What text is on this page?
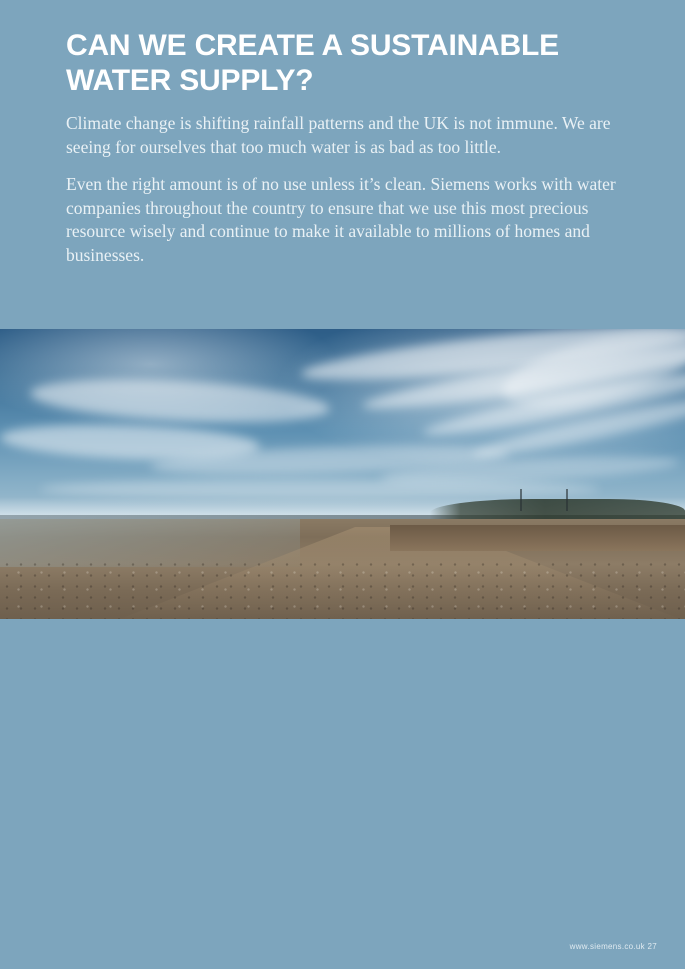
CAN WE CREATE A SUSTAINABLE WATER SUPPLY?

Climate change is shifting rainfall patterns and the UK is not immune. We are seeing for ourselves that too much water is as bad as too little.

Even the right amount is of no use unless it’s clean. Siemens works with water companies throughout the country to ensure that we use this most precious resource wisely and continue to make it available to millions of homes and businesses.

www.siemens.co.uk 27
